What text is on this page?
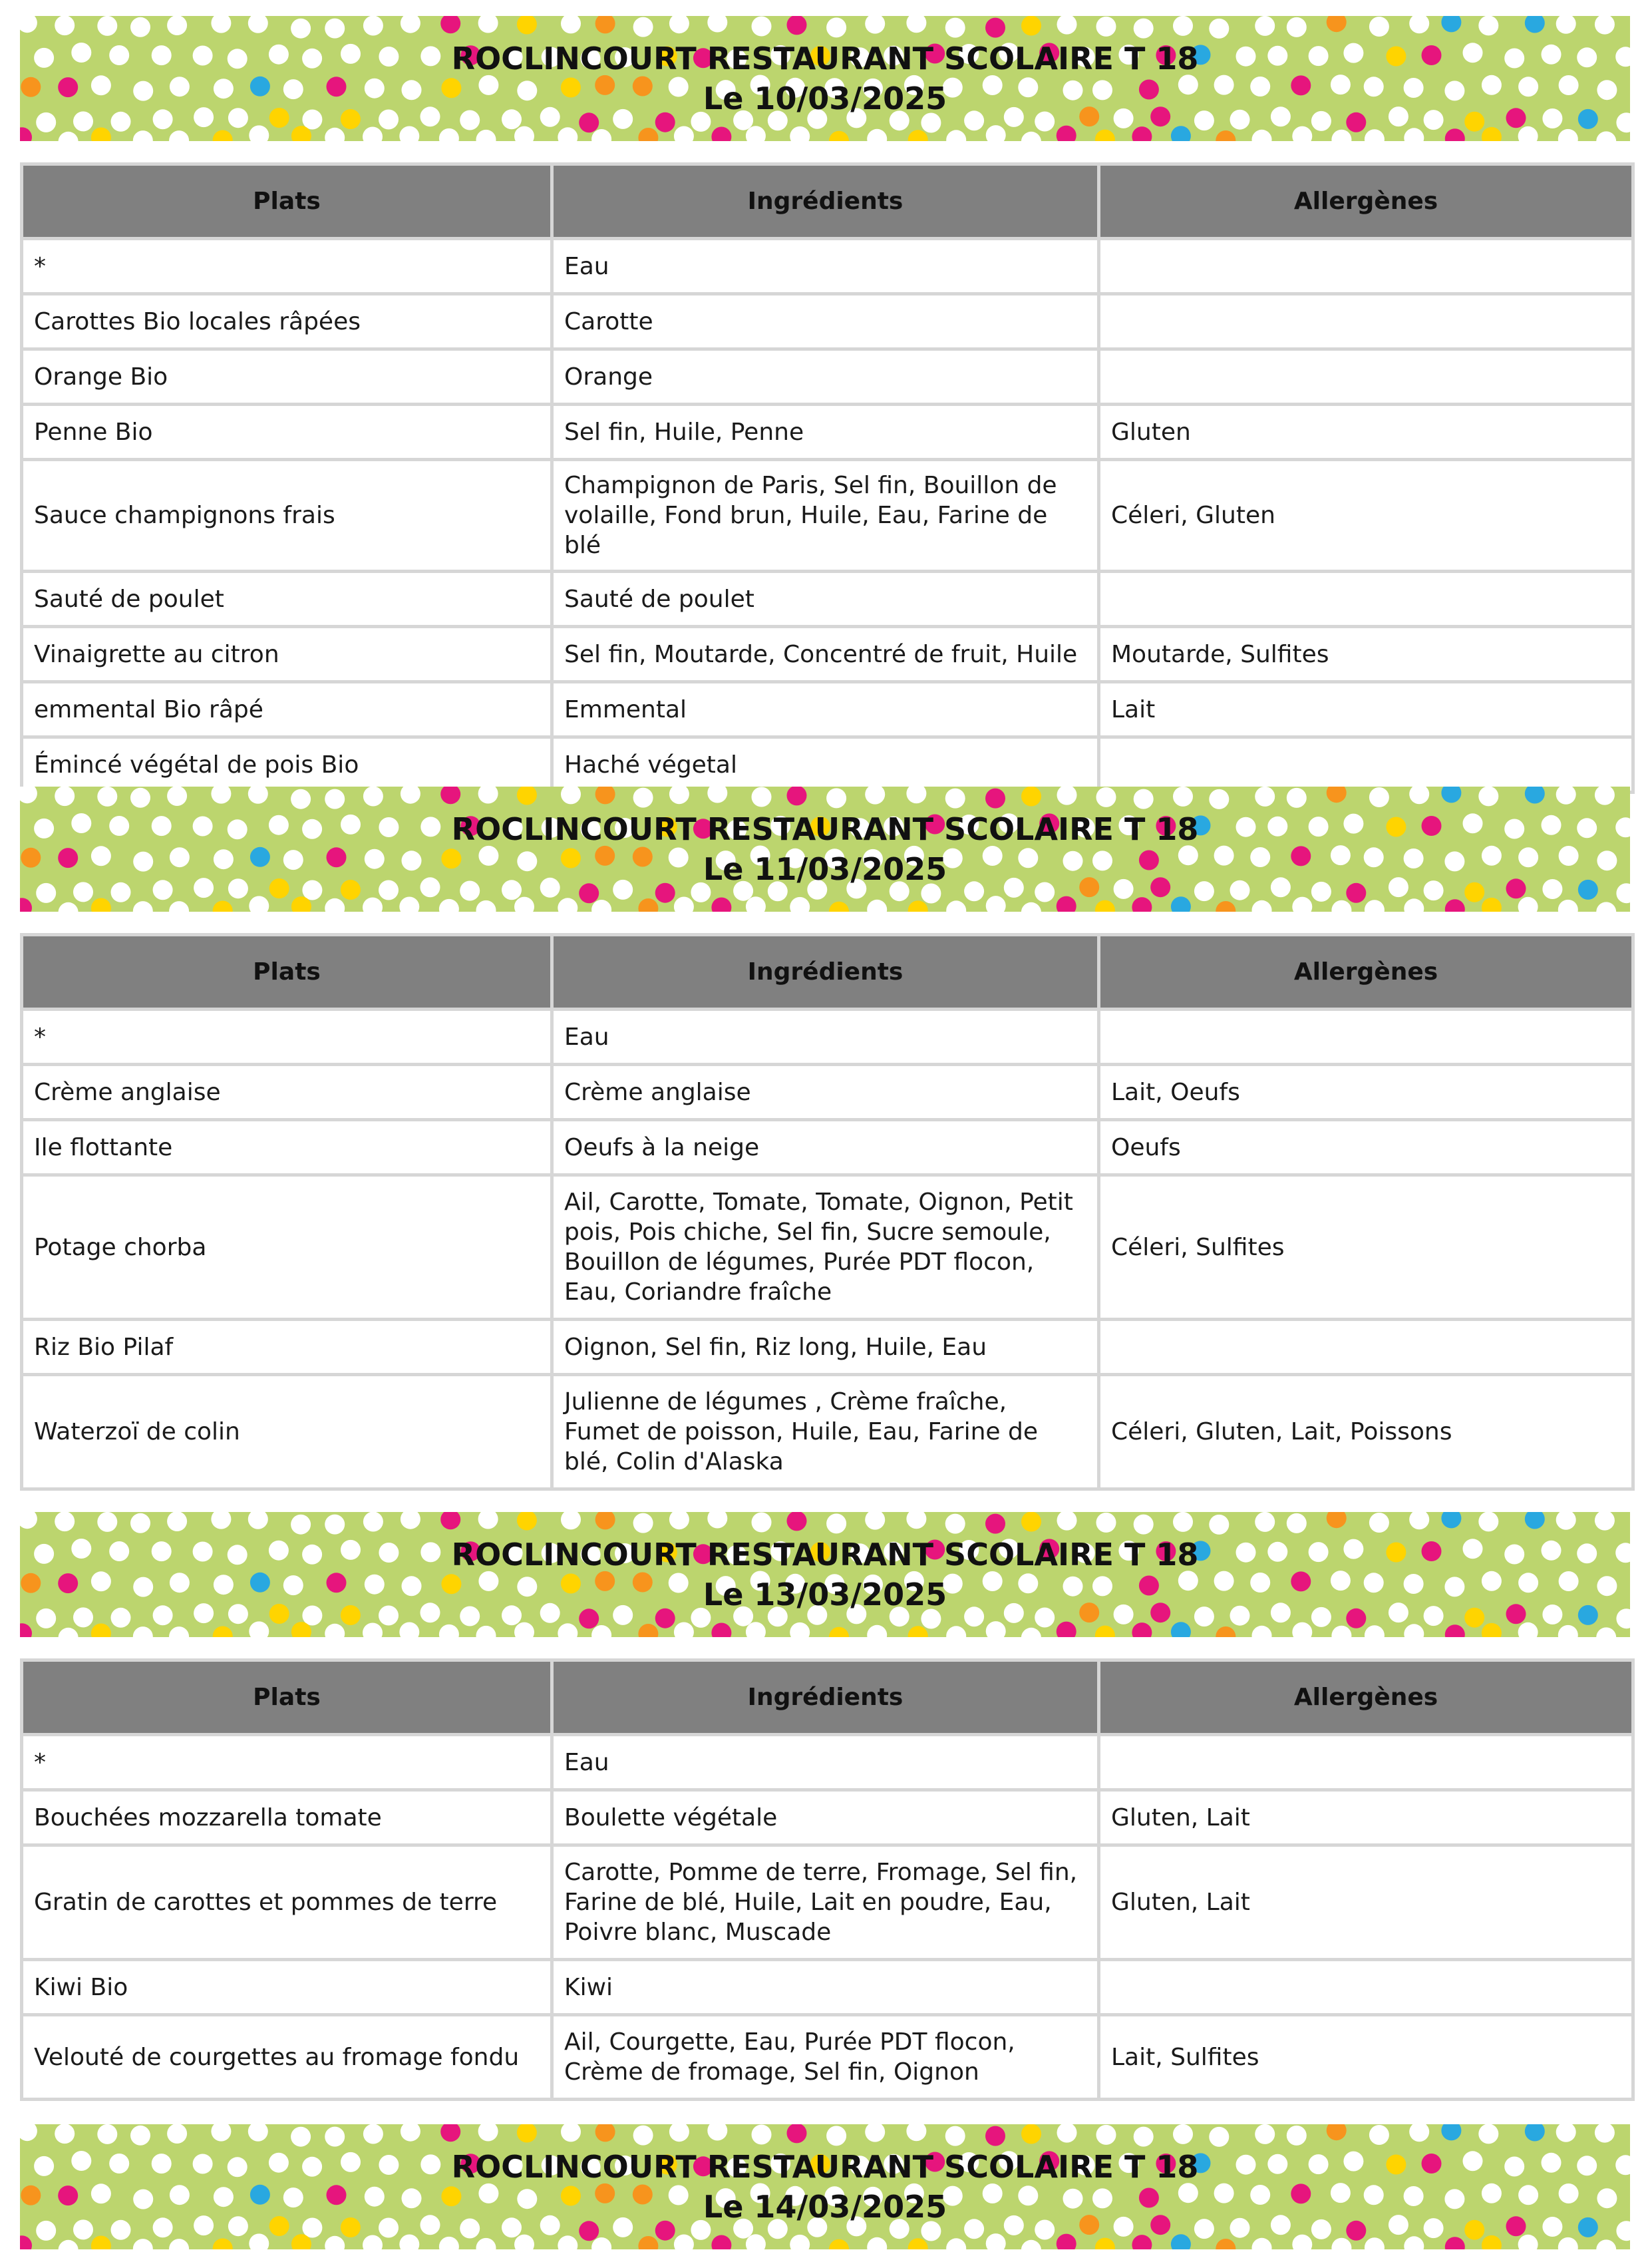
ROCLINCOURT RESTAURANT SCOLAIRE T 18
Le 10/03/2025
Plats	Ingrédients	Allergènes
*	Eau	
Carottes Bio locales râpées	Carotte	
Orange Bio	Orange	
Penne Bio	Sel fin, Huile, Penne	Gluten
Sauce champignons frais	Champignon de Paris, Sel fin, Bouillon de volaille, Fond brun, Huile, Eau, Farine de blé	Céleri, Gluten
Sauté de poulet	Sauté de poulet	
Vinaigrette au citron	Sel fin, Moutarde, Concentré de fruit, Huile	Moutarde, Sulfites
emmental Bio râpé	Emmental	Lait
Émincé végétal de pois Bio	Haché végetal	
ROCLINCOURT RESTAURANT SCOLAIRE T 18
Le 11/03/2025
Plats	Ingrédients	Allergènes
*	Eau	
Crème anglaise	Crème anglaise	Lait, Oeufs
Ile flottante	Oeufs à la neige	Oeufs
Potage chorba	Ail, Carotte, Tomate, Tomate, Oignon, Petit pois, Pois chiche, Sel fin, Sucre semoule, Bouillon de légumes, Purée PDT flocon, Eau, Coriandre fraîche	Céleri, Sulfites
Riz Bio Pilaf	Oignon, Sel fin, Riz long, Huile, Eau	
Waterzoï de colin	Julienne de légumes , Crème fraîche, Fumet de poisson, Huile, Eau, Farine de blé, Colin d'Alaska	Céleri, Gluten, Lait, Poissons
ROCLINCOURT RESTAURANT SCOLAIRE T 18
Le 13/03/2025
Plats	Ingrédients	Allergènes
*	Eau	
Bouchées mozzarella tomate	Boulette végétale	Gluten, Lait
Gratin de carottes et pommes de terre	Carotte, Pomme de terre, Fromage, Sel fin, Farine de blé, Huile, Lait en poudre, Eau, Poivre blanc, Muscade	Gluten, Lait
Kiwi Bio	Kiwi	
Velouté de courgettes au fromage fondu	Ail, Courgette, Eau, Purée PDT flocon, Crème de fromage, Sel fin, Oignon	Lait, Sulfites
ROCLINCOURT RESTAURANT SCOLAIRE T 18
Le 14/03/2025
